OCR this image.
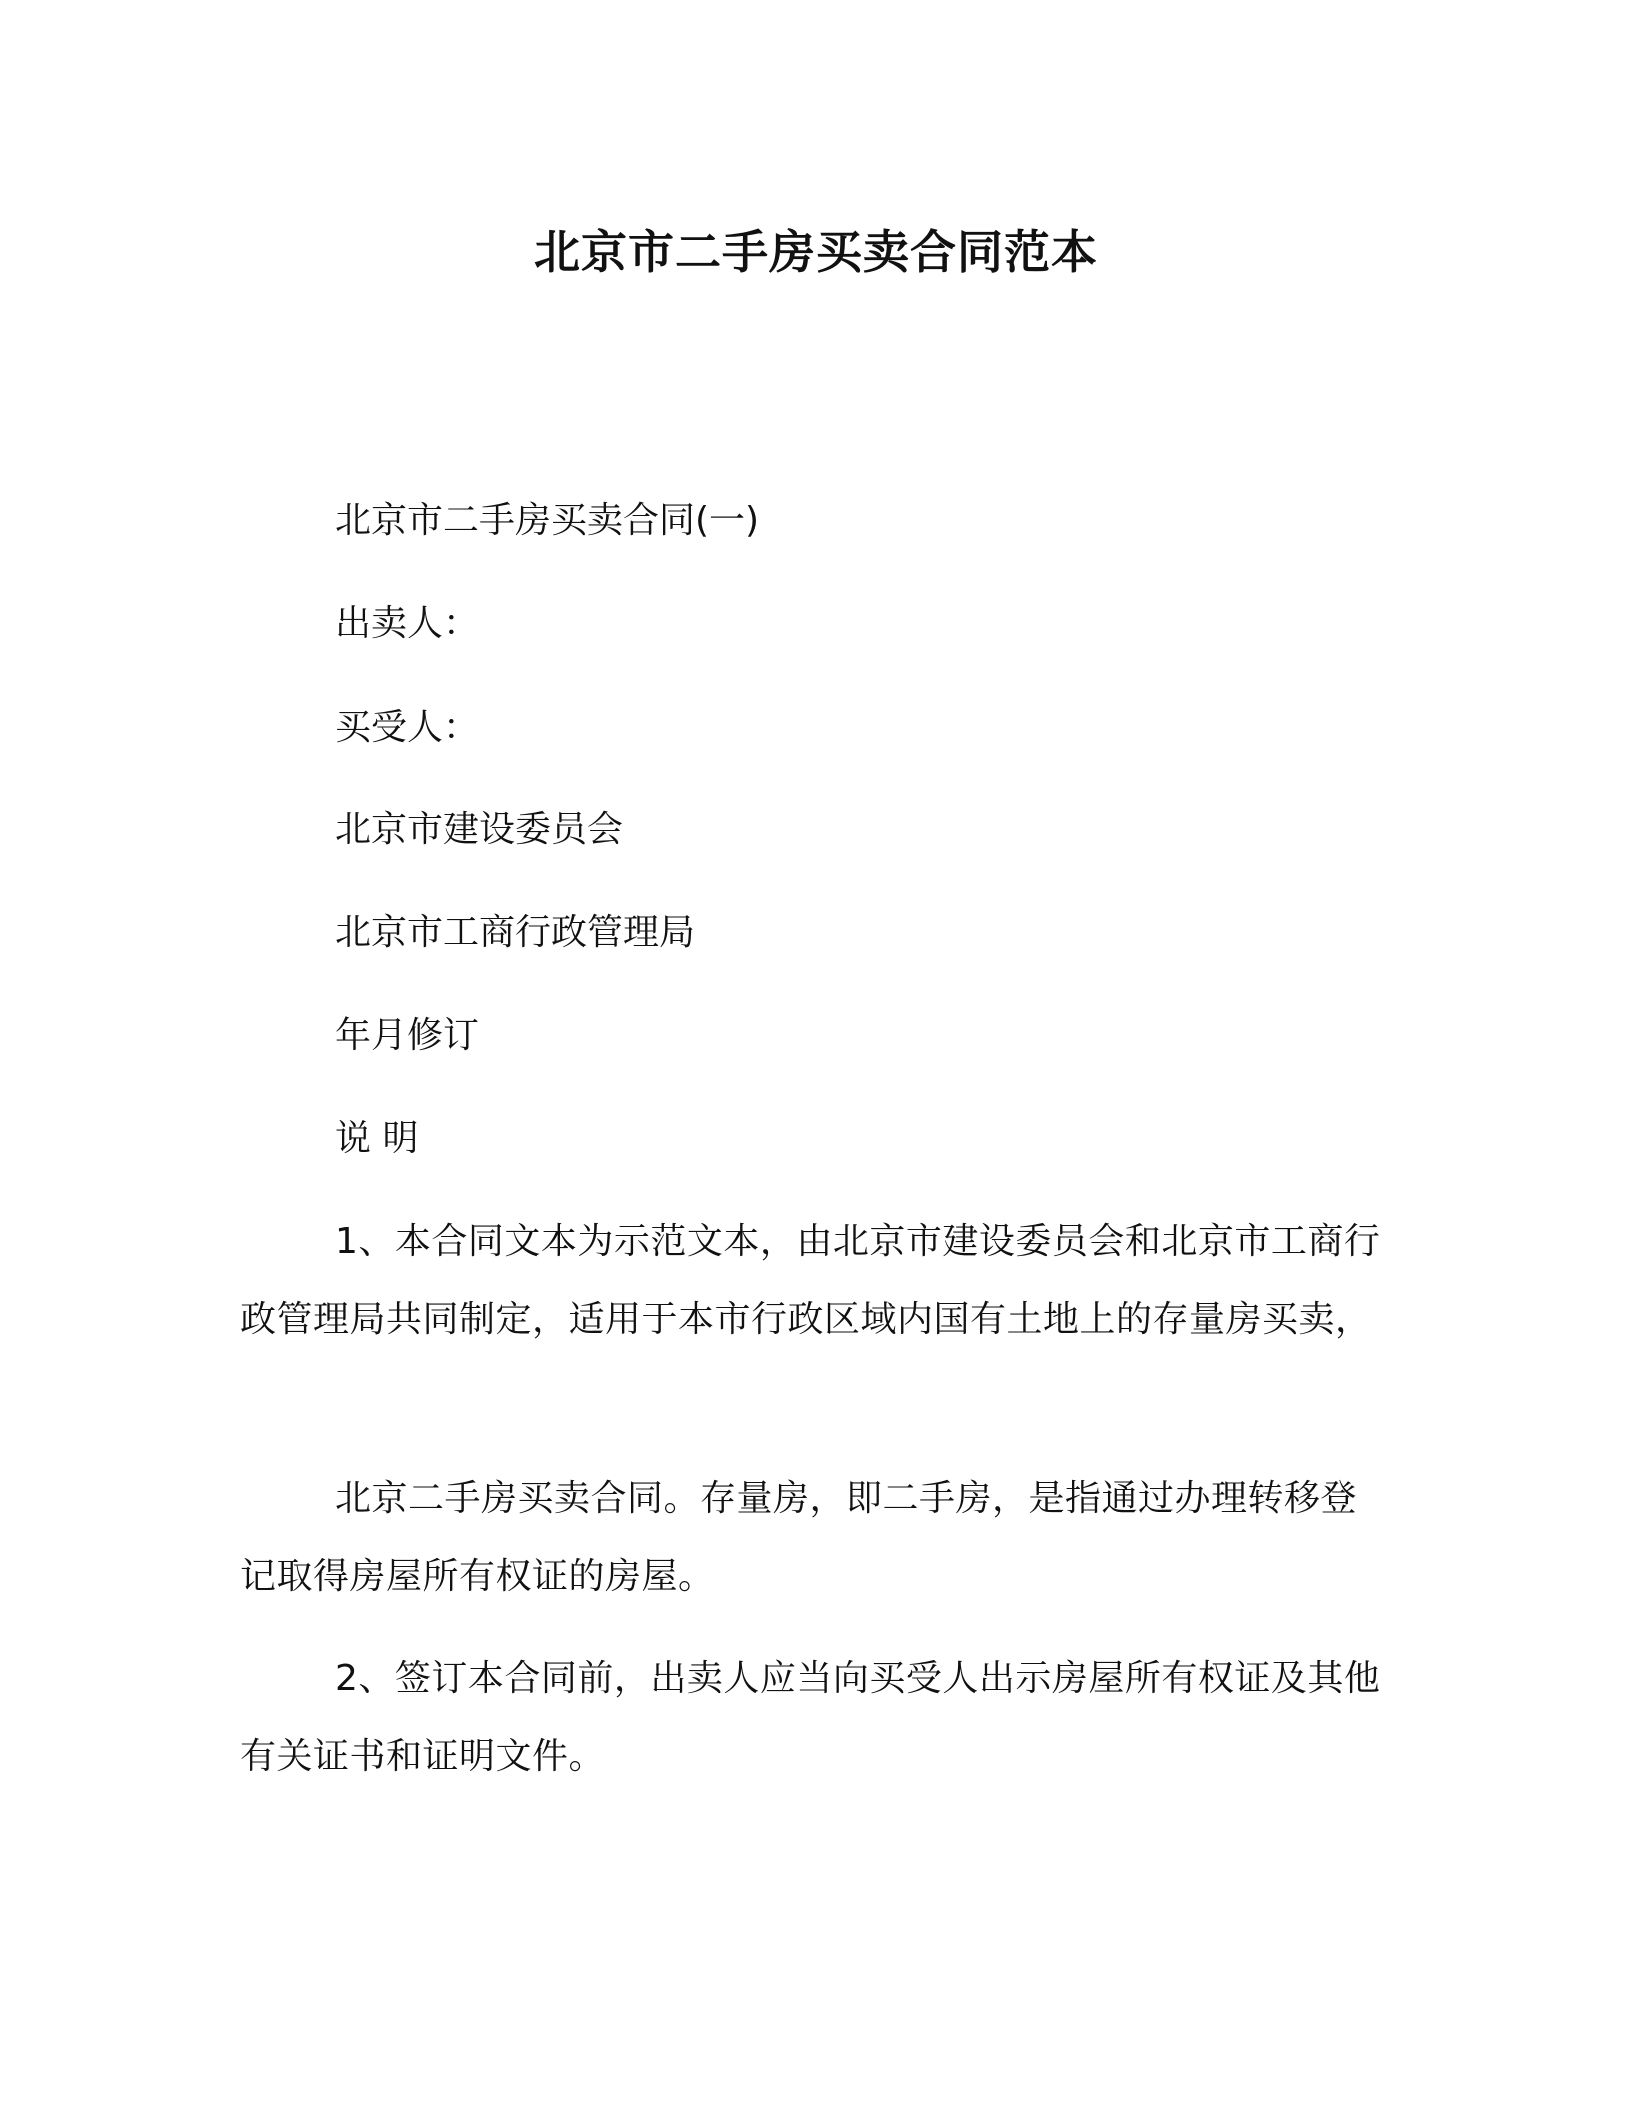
北京市二手房买卖合同范本

北京市二手房买卖合同(一)

出卖人：

买受人：

北京市建设委员会

北京市工商行政管理局

年月修订

说 明

1、本合同文本为示范文本，由北京市建设委员会和北京市工商行政管理局共同制定，适用于本市行政区域内国有土地上的存量房买卖，

北京二手房买卖合同。存量房，即二手房，是指通过办理转移登记取得房屋所有权证的房屋。

2、签订本合同前，出卖人应当向买受人出示房屋所有权证及其他有关证书和证明文件。
